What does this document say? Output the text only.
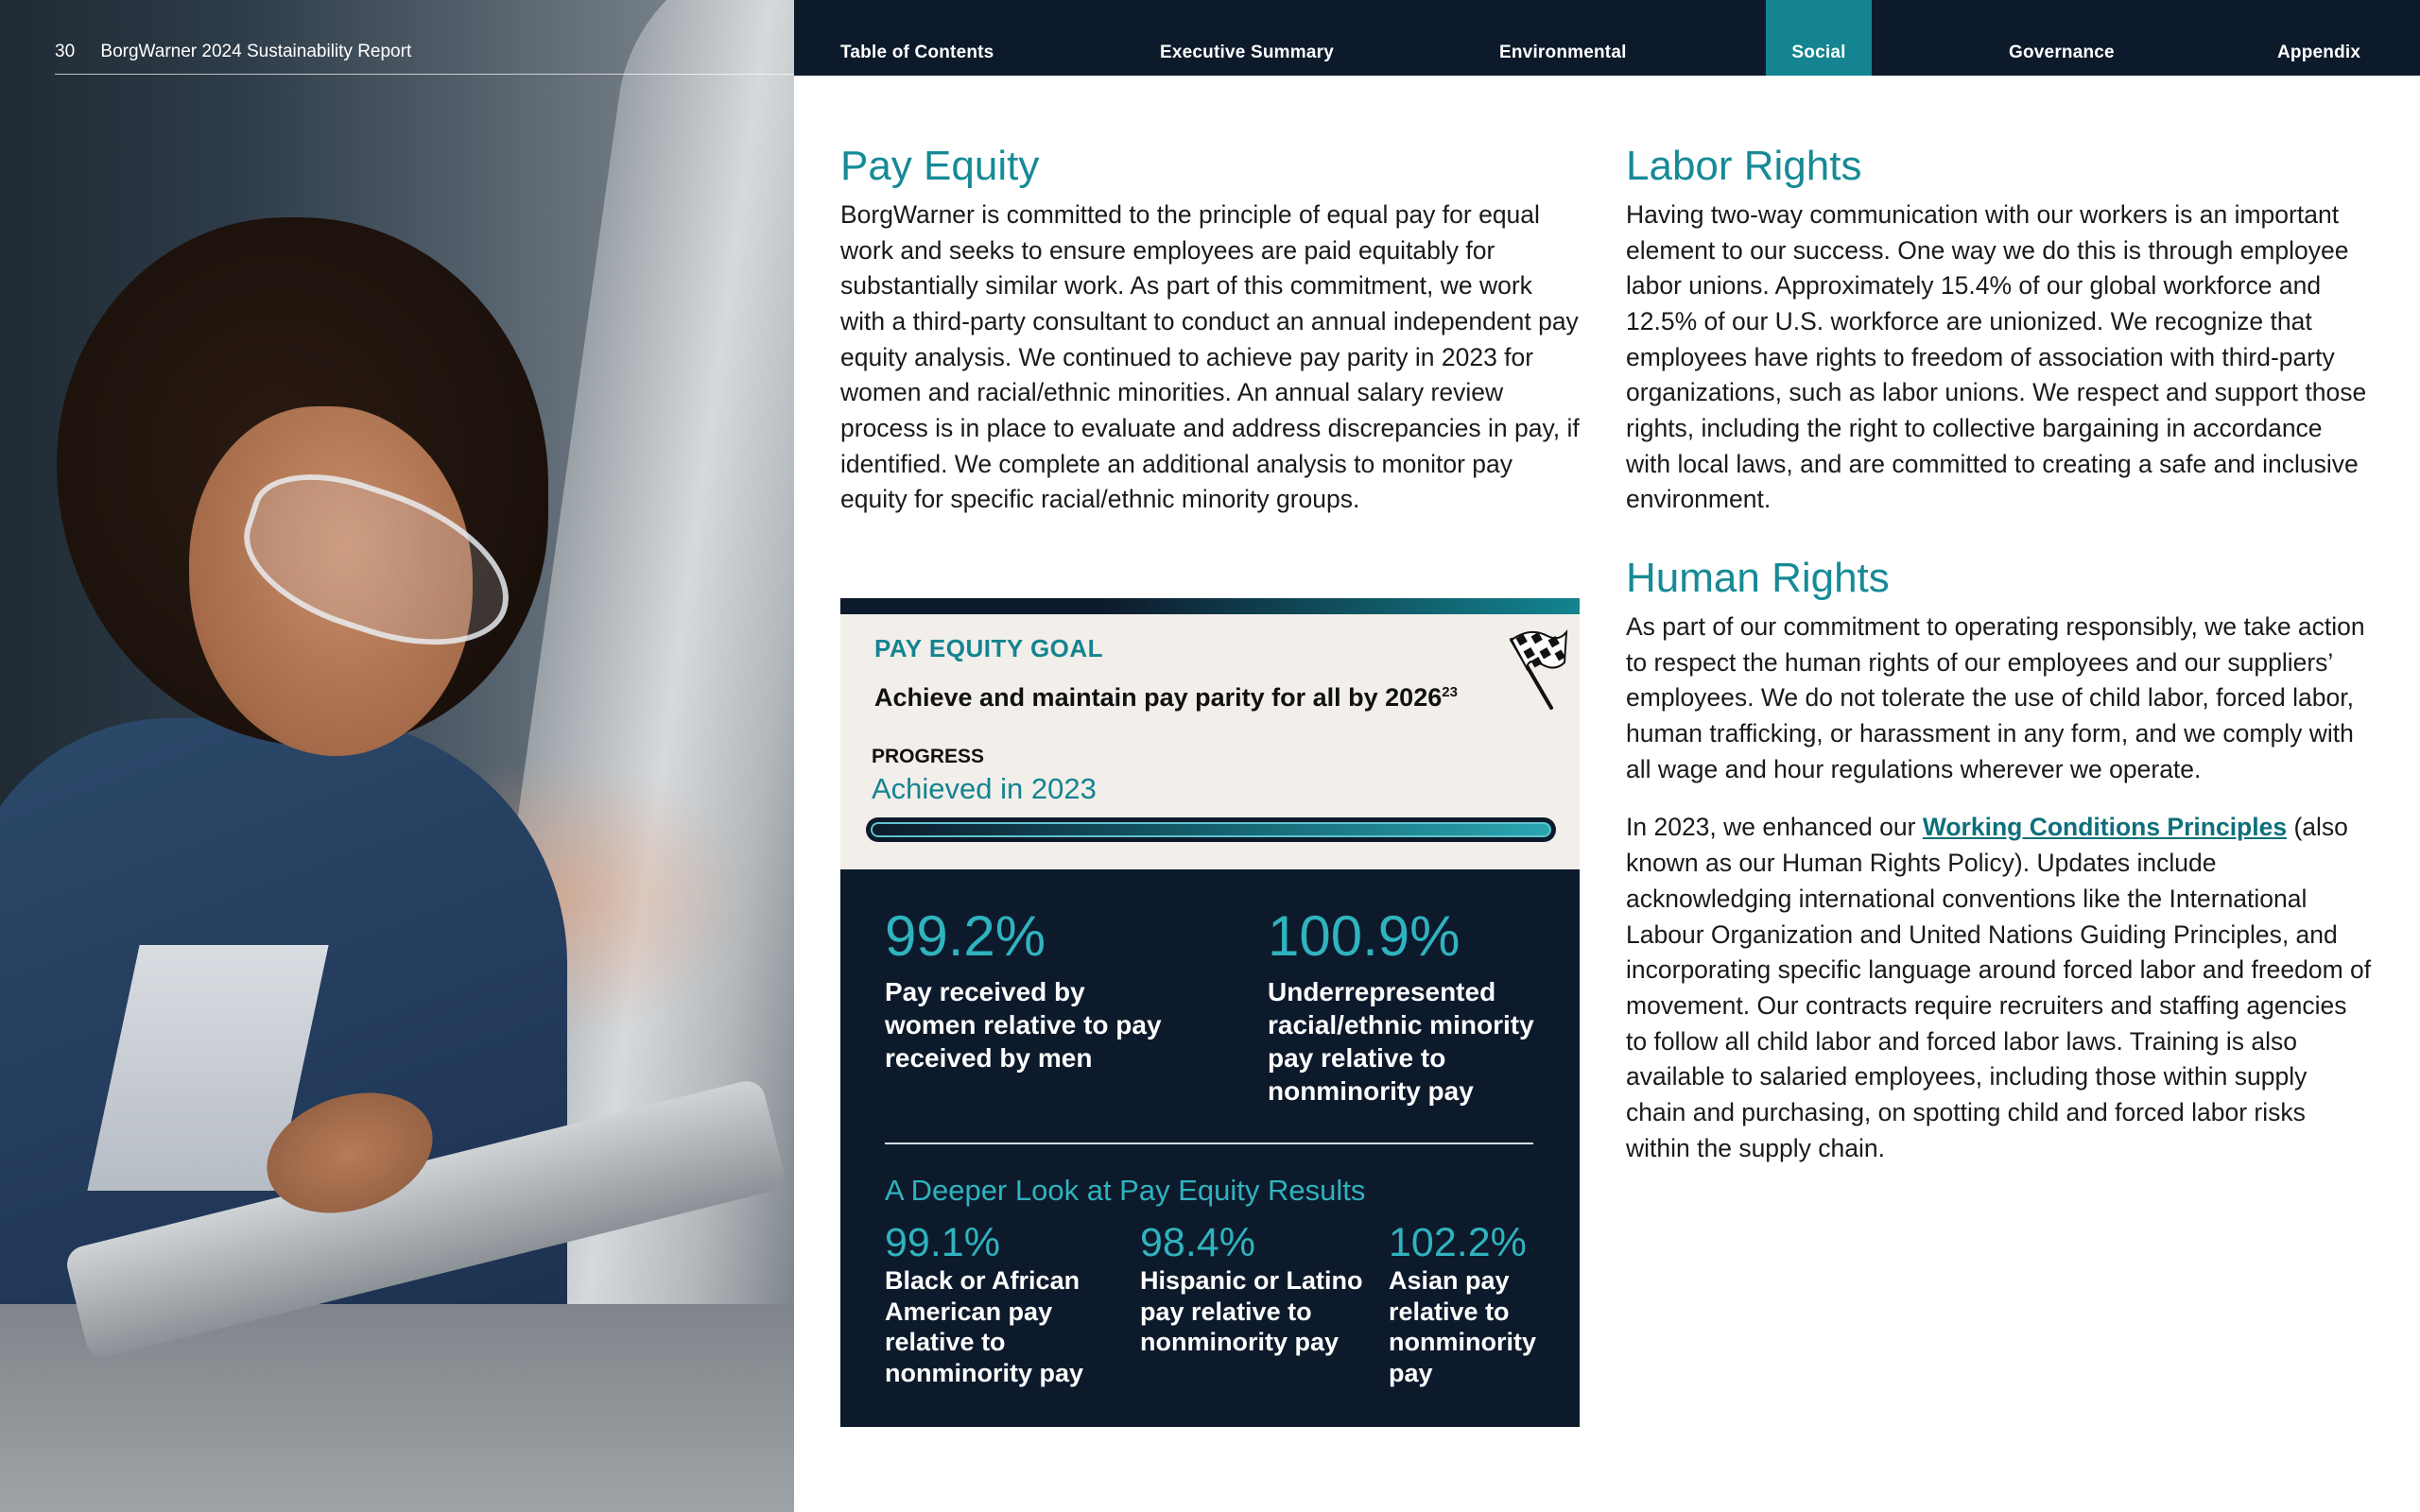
30 BorgWarner 2024 Sustainability Report	Table of Contents	Executive Summary	Environmental	Social	Governance	Appendix
Pay Equity

BorgWarner is committed to the principle of equal pay for equal work and seeks to ensure employees are paid equitably for substantially similar work. As part of this commitment, we work with a third-party consultant to conduct an annual independent pay equity analysis. We continued to achieve pay parity in 2023 for women and racial/ethnic minorities. An annual salary review process is in place to evaluate and address discrepancies in pay, if identified. We complete an additional analysis to monitor pay equity for specific racial/ethnic minority groups.

PAY EQUITY GOAL
Achieve and maintain pay parity for all by 2026$^{23}$
PROGRESS
Achieved in 2023
99.2%
Pay received by women relative to pay received by men
100.9%
Underrepresented racial/ethnic minority pay relative to nonminority pay
A Deeper Look at Pay Equity Results
99.1%
Black or African American pay relative to nonminority pay
98.4%
Hispanic or Latino pay relative to nonminority pay
102.2%
Asian pay relative to nonminority pay
Labor Rights

Having two-way communication with our workers is an important element to our success. One way we do this is through employee labor unions. Approximately 15.4% of our global workforce and 12.5% of our U.S. workforce are unionized. We recognize that employees have rights to freedom of association with third-party organizations, such as labor unions. We respect and support those rights, including the right to collective bargaining in accordance with local laws, and are committed to creating a safe and inclusive environment.

Human Rights

As part of our commitment to operating responsibly, we take action to respect the human rights of our employees and our suppliers’ employees. We do not tolerate the use of child labor, forced labor, human trafficking, or harassment in any form, and we comply with all wage and hour regulations wherever we operate.

In 2023, we enhanced our Working Conditions Principles (also known as our Human Rights Policy). Updates include acknowledging international conventions like the International Labour Organization and United Nations Guiding Principles, and incorporating specific language around forced labor and freedom of movement. Our contracts require recruiters and staffing agencies to follow all child labor and forced labor laws. Training is also available to salaried employees, including those within supply chain and purchasing, on spotting child and forced labor risks within the supply chain.
